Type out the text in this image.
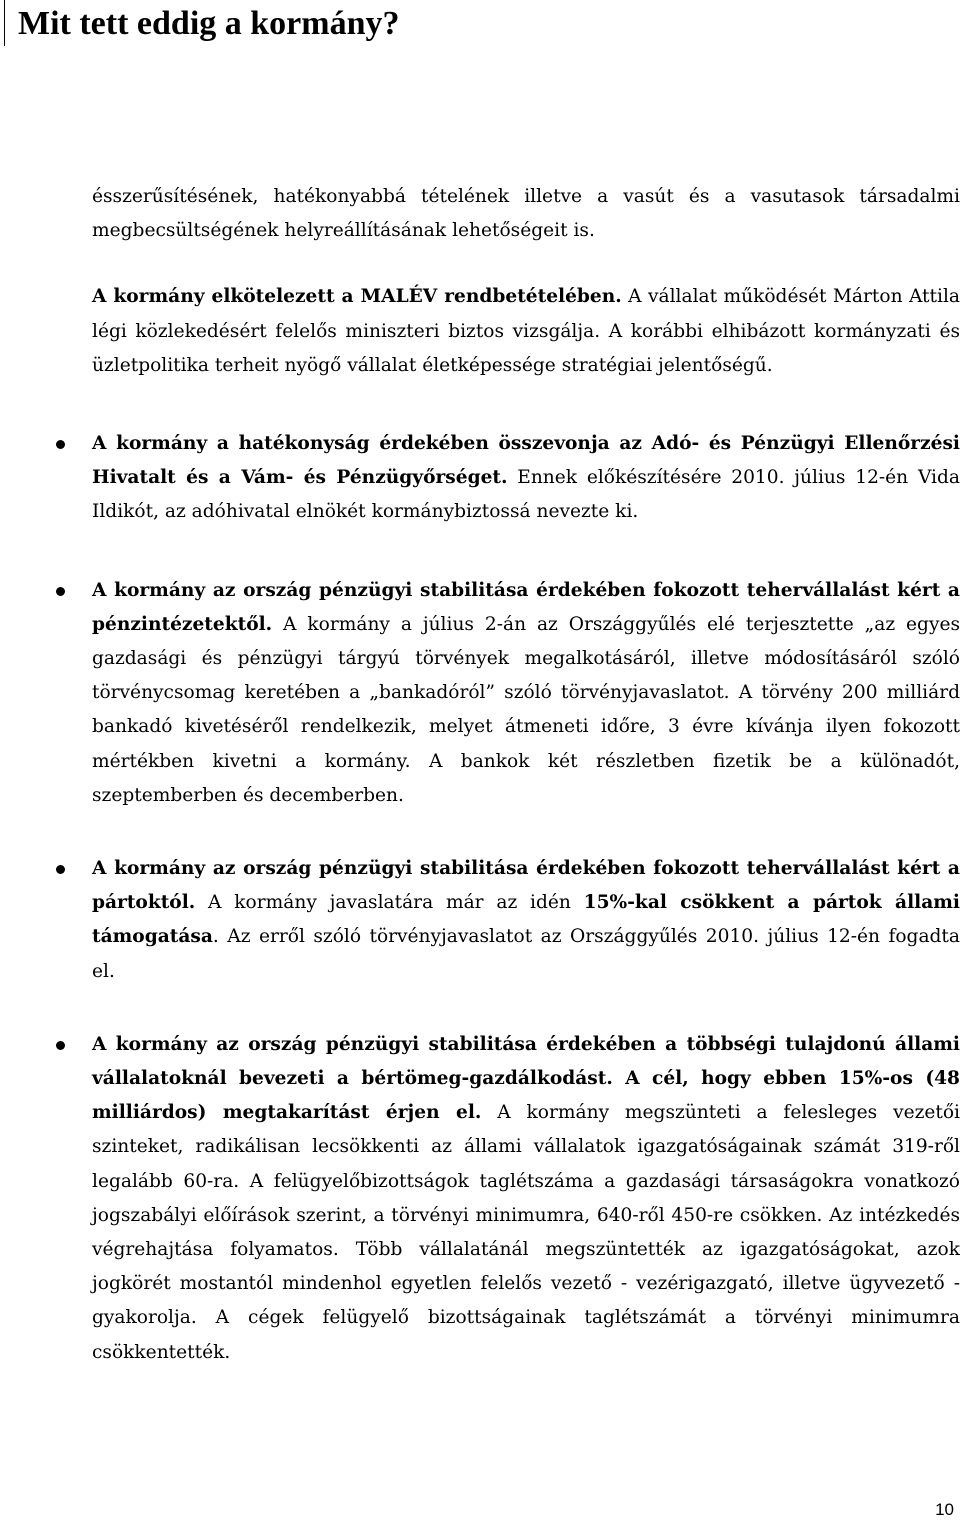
Mit tett eddig a kormány?

ésszerűsítésének, hatékonyabbá tételének illetve a vasút és a vasutasok társadalmi megbecsültségének helyreállításának lehetőségeit is.

A kormány elkötelezett a MALÉV rendbetételében. A vállalat működését Márton Attila légi közlekedésért felelős miniszteri biztos vizsgálja. A korábbi elhibázott kormányzati és üzletpolitika terheit nyögő vállalat életképessége stratégiai jelentőségű.

A kormány a hatékonyság érdekében összevonja az Adó- és Pénzügyi Ellenőrzési Hivatalt és a Vám- és Pénzügyőrséget. Ennek előkészítésére 2010. július 12-én Vida Ildikót, az adóhivatal elnökét kormánybiztossá nevezte ki.

A kormány az ország pénzügyi stabilitása érdekében fokozott tehervállalást kért a pénzintézetektől. A kormány a július 2-án az Országgyűlés elé terjesztette „az egyes gazdasági és pénzügyi tárgyú törvények megalkotásáról, illetve módosításáról szóló törvénycsomag keretében a „bankadóról” szóló törvényjavaslatot. A törvény 200 milliárd bankadó kivetéséről rendelkezik, melyet átmeneti időre, 3 évre kívánja ilyen fokozott mértékben kivetni a kormány. A bankok két részletben fizetik be a különadót, szeptemberben és decemberben.

A kormány az ország pénzügyi stabilitása érdekében fokozott tehervállalást kért a pártoktól. A kormány javaslatára már az idén 15%-kal csökkent a pártok állami támogatása. Az erről szóló törvényjavaslatot az Országgyűlés 2010. július 12-én fogadta el.

A kormány az ország pénzügyi stabilitása érdekében a többségi tulajdonú állami vállalatoknál bevezeti a bértömeg-gazdálkodást. A cél, hogy ebben 15%-os (48 milliárdos) megtakarítást érjen el. A kormány megszünteti a felesleges vezetői szinteket, radikálisan lecsökkenti az állami vállalatok igazgatóságainak számát 319-ről legalább 60-ra. A felügyelőbizottságok taglétszáma a gazdasági társaságokra vonatkozó jogszabályi előírások szerint, a törvényi minimumra, 640-ről 450-re csökken. Az intézkedés végrehajtása folyamatos. Több vállalatánál megszüntették az igazgatóságokat, azok jogkörét mostantól mindenhol egyetlen felelős vezető - vezérigazgató, illetve ügyvezető - gyakorolja. A cégek felügyelő bizottságainak taglétszámát a törvényi minimumra csökkentették.

10
